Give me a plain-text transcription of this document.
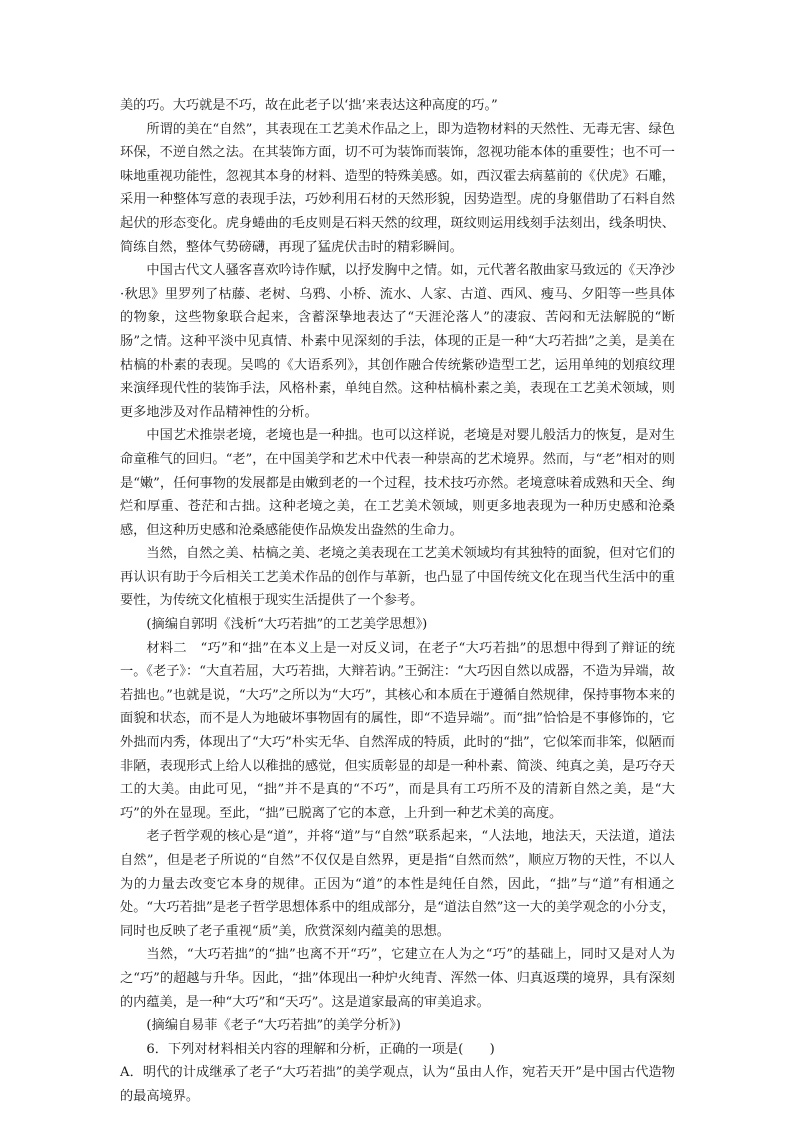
美的巧。大巧就是不巧，故在此老子以‘拙’来表达这种高度的巧。”

所谓的美在“自然”，其表现在工艺美术作品之上，即为造物材料的天然性、无毒无害、绿色环保，不逆自然之法。在其装饰方面，切不可为装饰而装饰，忽视功能本体的重要性；也不可一味地重视功能性，忽视其本身的材料、造型的特殊美感。如，西汉霍去病墓前的《伏虎》石雕，采用一种整体写意的表现手法，巧妙利用石材的天然形貌，因势造型。虎的身躯借助了石料自然起伏的形态变化。虎身蜷曲的毛皮则是石料天然的纹理，斑纹则运用线刻手法刻出，线条明快、简练自然，整体气势磅礴，再现了猛虎伏击时的精彩瞬间。

中国古代文人骚客喜欢吟诗作赋，以抒发胸中之情。如，元代著名散曲家马致远的《天净沙·秋思》里罗列了枯藤、老树、乌鸦、小桥、流水、人家、古道、西风、瘦马、夕阳等一些具体的物象，这些物象联合起来，含蓄深挚地表达了“天涯沦落人”的凄寂、苦闷和无法解脱的“断肠”之情。这种平淡中见真情、朴素中见深刻的手法，体现的正是一种“大巧若拙”之美，是美在枯槁的朴素的表现。吴鸣的《大语系列》，其创作融合传统紫砂造型工艺，运用单纯的划痕纹理来演绎现代性的装饰手法，风格朴素，单纯自然。这种枯槁朴素之美，表现在工艺美术领域，则更多地涉及对作品精神性的分析。

中国艺术推崇老境，老境也是一种拙。也可以这样说，老境是对婴儿般活力的恢复，是对生命童稚气的回归。“老”，在中国美学和艺术中代表一种崇高的艺术境界。然而，与“老”相对的则是“嫩”，任何事物的发展都是由嫩到老的一个过程，技术技巧亦然。老境意味着成熟和天全、绚烂和厚重、苍茫和古拙。这种老境之美，在工艺美术领域，则更多地表现为一种历史感和沧桑感，但这种历史感和沧桑感能使作品焕发出盎然的生命力。

当然，自然之美、枯槁之美、老境之美表现在工艺美术领域均有其独特的面貌，但对它们的再认识有助于今后相关工艺美术作品的创作与革新，也凸显了中国传统文化在现当代生活中的重要性，为传统文化植根于现实生活提供了一个参考。

(摘编自郭明《浅析“大巧若拙”的工艺美学思想》)

材料二　“巧”和“拙”在本义上是一对反义词，在老子“大巧若拙”的思想中得到了辩证的统一。《老子》：“大直若屈，大巧若拙，大辩若讷。”王弼注：“大巧因自然以成器，不造为异端，故若拙也。”也就是说，“大巧”之所以为“大巧”，其核心和本质在于遵循自然规律，保持事物本来的面貌和状态，而不是人为地破坏事物固有的属性，即“不造异端”。而“拙”恰恰是不事修饰的，它外拙而内秀，体现出了“大巧”朴实无华、自然浑成的特质，此时的“拙”，它似笨而非笨，似陋而非陋，表现形式上给人以稚拙的感觉，但实质彰显的却是一种朴素、简淡、纯真之美，是巧夺天工的大美。由此可见，“拙”并不是真的“不巧”，而是具有工巧所不及的清新自然之美，是“大巧”的外在显现。至此，“拙”已脱离了它的本意，上升到一种艺术美的高度。

老子哲学观的核心是“道”，并将“道”与“自然”联系起来，“人法地，地法天，天法道，道法自然”，但是老子所说的“自然”不仅仅是自然界，更是指“自然而然”，顺应万物的天性，不以人为的力量去改变它本身的规律。正因为“道”的本性是纯任自然，因此，“拙”与“道”有相通之处。“大巧若拙”是老子哲学思想体系中的组成部分，是“道法自然”这一大的美学观念的小分支，同时也反映了老子重视“质”美，欣赏深刻内蕴美的思想。

当然，“大巧若拙”的“拙”也离不开“巧”，它建立在人为之“巧”的基础上，同时又是对人为之“巧”的超越与升华。因此，“拙”体现出一种炉火纯青、浑然一体、归真返璞的境界，具有深刻的内蕴美，是一种“大巧”和“天巧”。这是道家最高的审美追求。

(摘编自易菲《老子“大巧若拙”的美学分析》)

6．下列对材料相关内容的理解和分析，正确的一项是(　　)

A．明代的计成继承了老子“大巧若拙”的美学观点，认为“虽由人作，宛若天开”是中国古代造物的最高境界。
